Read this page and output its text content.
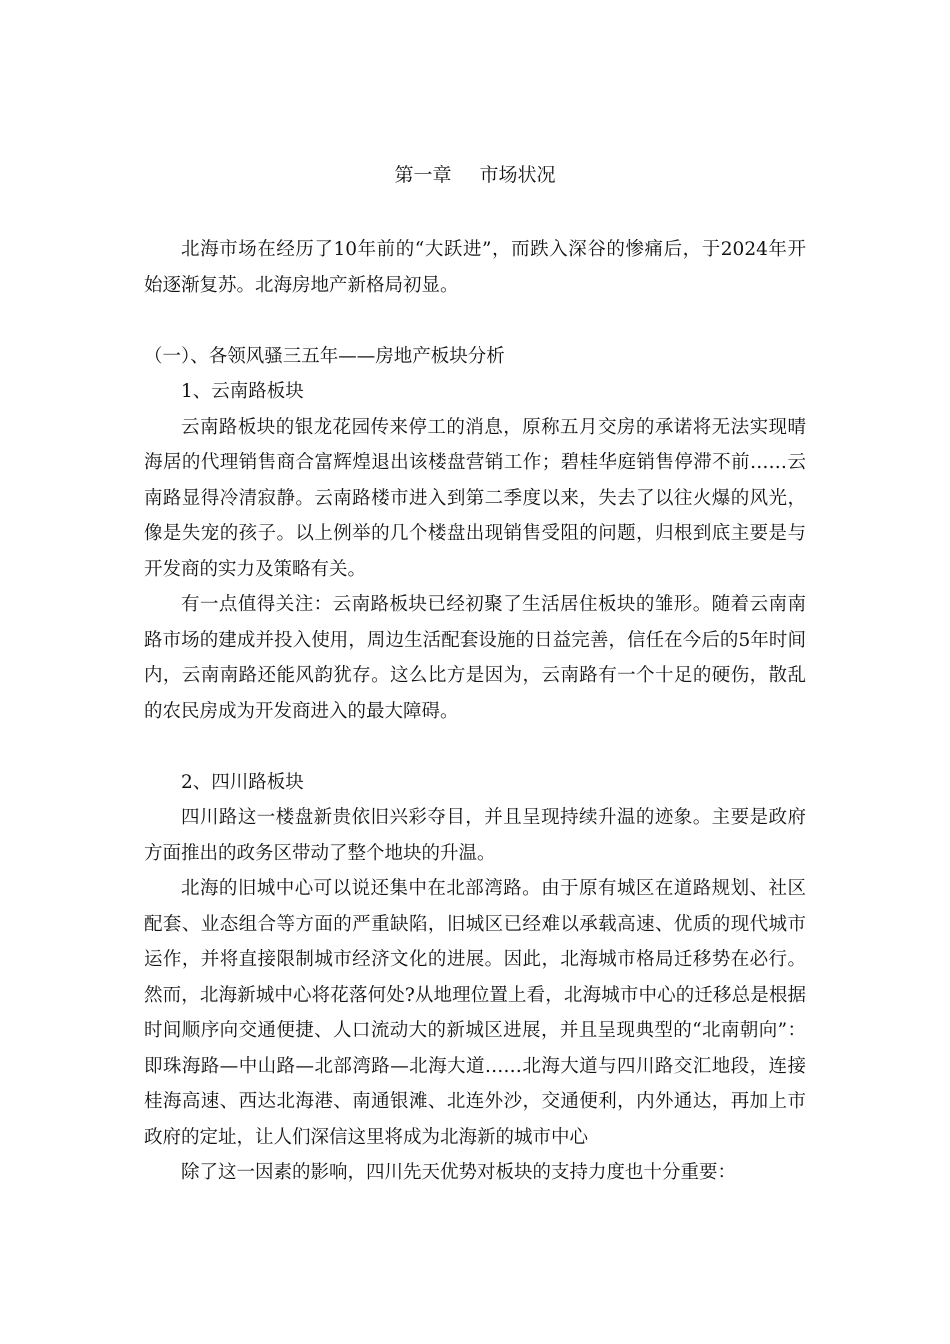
第一章 市场状况

北海市场在经历了10年前的“大跃进”，而跌入深谷的惨痛后，于2024年开始逐渐复苏。北海房地产新格局初显。

（一）、各领风骚三五年——房地产板块分析

1、云南路板块

云南路板块的银龙花园传来停工的消息，原称五月交房的承诺将无法实现晴海居的代理销售商合富辉煌退出该楼盘营销工作；碧桂华庭销售停滞不前……云南路显得冷清寂静。云南路楼市进入到第二季度以来，失去了以往火爆的风光，像是失宠的孩子。以上例举的几个楼盘出现销售受阻的问题，归根到底主要是与开发商的实力及策略有关。

有一点值得关注：云南路板块已经初聚了生活居住板块的雏形。随着云南南路市场的建成并投入使用，周边生活配套设施的日益完善，信任在今后的5年时间内，云南南路还能风韵犹存。这么比方是因为，云南路有一个十足的硬伤，散乱的农民房成为开发商进入的最大障碍。

2、四川路板块

四川路这一楼盘新贵依旧兴彩夺目，并且呈现持续升温的迹象。主要是政府方面推出的政务区带动了整个地块的升温。

北海的旧城中心可以说还集中在北部湾路。由于原有城区在道路规划、社区配套、业态组合等方面的严重缺陷，旧城区已经难以承载高速、优质的现代城市运作，并将直接限制城市经济文化的进展。因此，北海城市格局迁移势在必行。然而，北海新城中心将花落何处?从地理位置上看，北海城市中心的迁移总是根据时间顺序向交通便捷、人口流动大的新城区进展，并且呈现典型的“北南朝向”：即珠海路—中山路—北部湾路—北海大道……北海大道与四川路交汇地段，连接桂海高速、西达北海港、南通银滩、北连外沙，交通便利，内外通达，再加上市政府的定址，让人们深信这里将成为北海新的城市中心

除了这一因素的影响，四川先天优势对板块的支持力度也十分重要：
